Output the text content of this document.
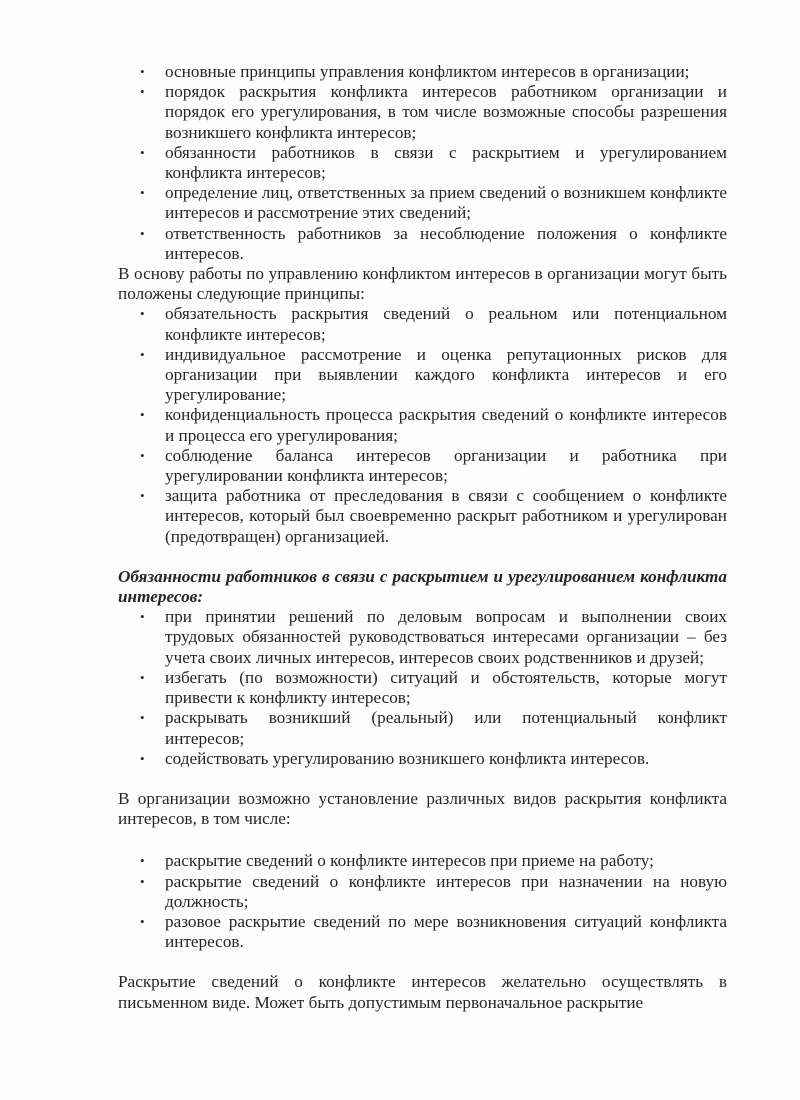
• основные принципы управления конфликтом интересов в организации;
• порядок раскрытия конфликта интересов работником организации и порядок его урегулирования, в том числе возможные способы разрешения возникшего конфликта интересов;
• обязанности работников в связи с раскрытием и урегулированием конфликта интересов;
• определение лиц, ответственных за прием сведений о возникшем конфликте интересов и рассмотрение этих сведений;
• ответственность работников за несоблюдение положения о конфликте интересов.

В основу работы по управлению конфликтом интересов в организации могут быть положены следующие принципы:

• обязательность раскрытия сведений о реальном или потенциальном конфликте интересов;
• индивидуальное рассмотрение и оценка репутационных рисков для организации при выявлении каждого конфликта интересов и его урегулирование;
• конфиденциальность процесса раскрытия сведений о конфликте интересов и процесса его урегулирования;
• соблюдение баланса интересов организации и работника при урегулировании конфликта интересов;
• защита работника от преследования в связи с сообщением о конфликте интересов, который был своевременно раскрыт работником и урегулирован (предотвращен) организацией.

Обязанности работников в связи с раскрытием и урегулированием конфликта интересов:

• при принятии решений по деловым вопросам и выполнении своих трудовых обязанностей руководствоваться интересами организации – без учета своих личных интересов, интересов своих родственников и друзей;
• избегать (по возможности) ситуаций и обстоятельств, которые могут привести к конфликту интересов;
• раскрывать возникший (реальный) или потенциальный конфликт интересов;
• содействовать урегулированию возникшего конфликта интересов.

В организации возможно установление различных видов раскрытия конфликта интересов, в том числе:

• раскрытие сведений о конфликте интересов при приеме на работу;
• раскрытие сведений о конфликте интересов при назначении на новую должность;
• разовое раскрытие сведений по мере возникновения ситуаций конфликта интересов.

Раскрытие сведений о конфликте интересов желательно осуществлять в письменном виде. Может быть допустимым первоначальное раскрытие
